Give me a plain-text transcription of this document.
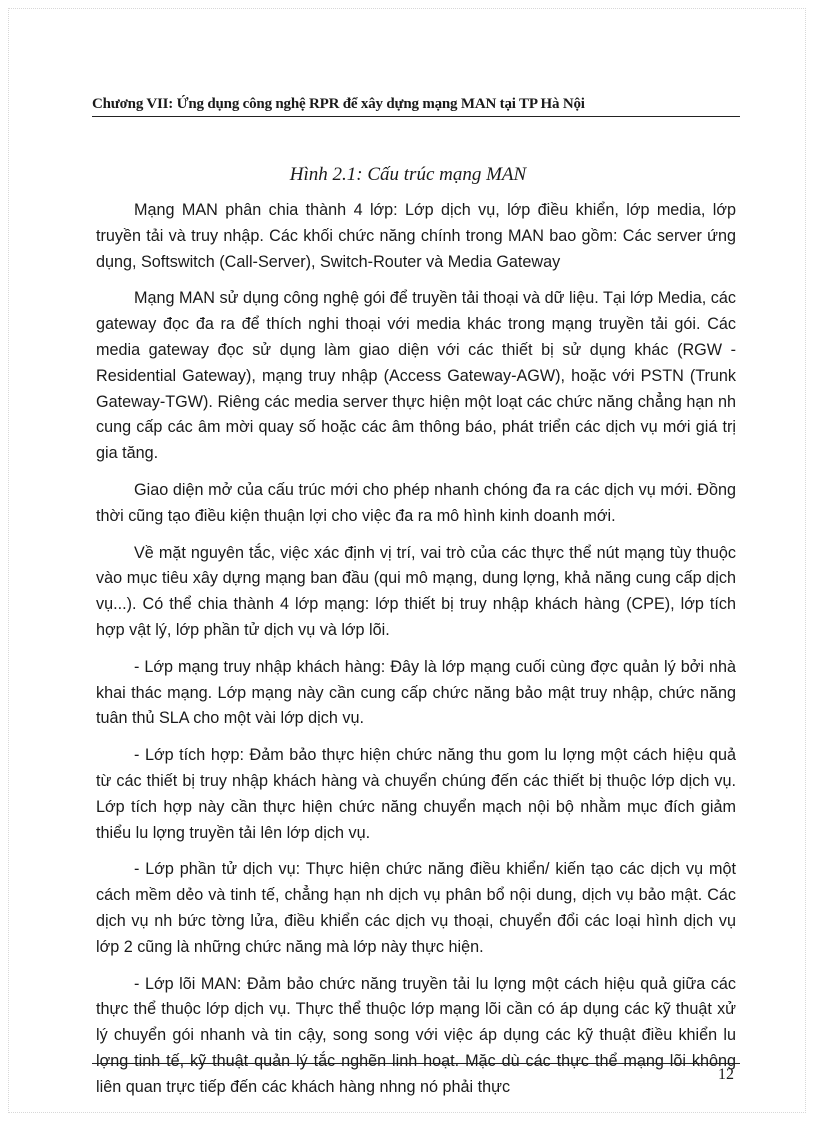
Chương VII: Ứng dụng công nghệ RPR để xây dựng mạng MAN tại TP Hà Nội
Hình 2.1: Cấu trúc mạng MAN

Mạng MAN phân chia thành 4 lớp: Lớp dịch vụ, lớp điều khiển, lớp media, lớp truyền tải và truy nhập. Các khối chức năng chính trong MAN bao gồm: Các server ứng dụng, Softswitch (Call-Server), Switch-Router và Media Gateway

Mạng MAN sử dụng công nghệ gói để truyền tải thoại và dữ liệu. Tại lớp Media, các gateway đọc đa ra để thích nghi thoại với media khác trong mạng truyền tải gói. Các media gateway đọc sử dụng làm giao diện với các thiết bị sử dụng khác (RGW - Residential Gateway), mạng truy nhập (Access Gateway-AGW), hoặc với PSTN (Trunk Gateway-TGW). Riêng các media server thực hiện một loạt các chức năng chẳng hạn nh cung cấp các âm mời quay số hoặc các âm thông báo, phát triển các dịch vụ mới giá trị gia tăng.

Giao diện mở của cấu trúc mới cho phép nhanh chóng đa ra các dịch vụ mới. Đồng thời cũng tạo điều kiện thuận lợi cho việc đa ra mô hình kinh doanh mới.

Về mặt nguyên tắc, việc xác định vị trí, vai trò của các thực thể nút mạng tùy thuộc vào mục tiêu xây dựng mạng ban đầu (qui mô mạng, dung lợng, khả năng cung cấp dịch vụ...). Có thể chia thành 4 lớp mạng: lớp thiết bị truy nhập khách hàng (CPE), lớp tích hợp vật lý, lớp phần tử dịch vụ và lớp lõi.

- Lớp mạng truy nhập khách hàng: Đây là lớp mạng cuối cùng đợc quản lý bởi nhà khai thác mạng. Lớp mạng này cần cung cấp chức năng bảo mật truy nhập, chức năng tuân thủ SLA cho một vài lớp dịch vụ.

- Lớp tích hợp: Đảm bảo thực hiện chức năng thu gom lu lợng một cách hiệu quả từ các thiết bị truy nhập khách hàng và chuyển chúng đến các thiết bị thuộc lớp dịch vụ. Lớp tích hợp này cần thực hiện chức năng chuyển mạch nội bộ nhằm mục đích giảm thiểu lu lợng truyền tải lên lớp dịch vụ.

- Lớp phần tử dịch vụ: Thực hiện chức năng điều khiển/ kiến tạo các dịch vụ một cách mềm dẻo và tinh tế, chẳng hạn nh dịch vụ phân bổ nội dung, dịch vụ bảo mật. Các dịch vụ nh bức tờng lửa, điều khiển các dịch vụ thoại, chuyển đổi các loại hình dịch vụ lớp 2 cũng là những chức năng mà lớp này thực hiện.

- Lớp lõi MAN: Đảm bảo chức năng truyền tải lu lợng một cách hiệu quả giữa các thực thể thuộc lớp dịch vụ. Thực thể thuộc lớp mạng lõi cần có áp dụng các kỹ thuật xử lý chuyển gói nhanh và tin cậy, song song với việc áp dụng các kỹ thuật điều khiển lu lợng tinh tế, kỹ thuật quản lý tắc nghẽn linh hoạt. Mặc dù các thực thể mạng lõi không liên quan trực tiếp đến các khách hàng nhng nó phải thực

12
